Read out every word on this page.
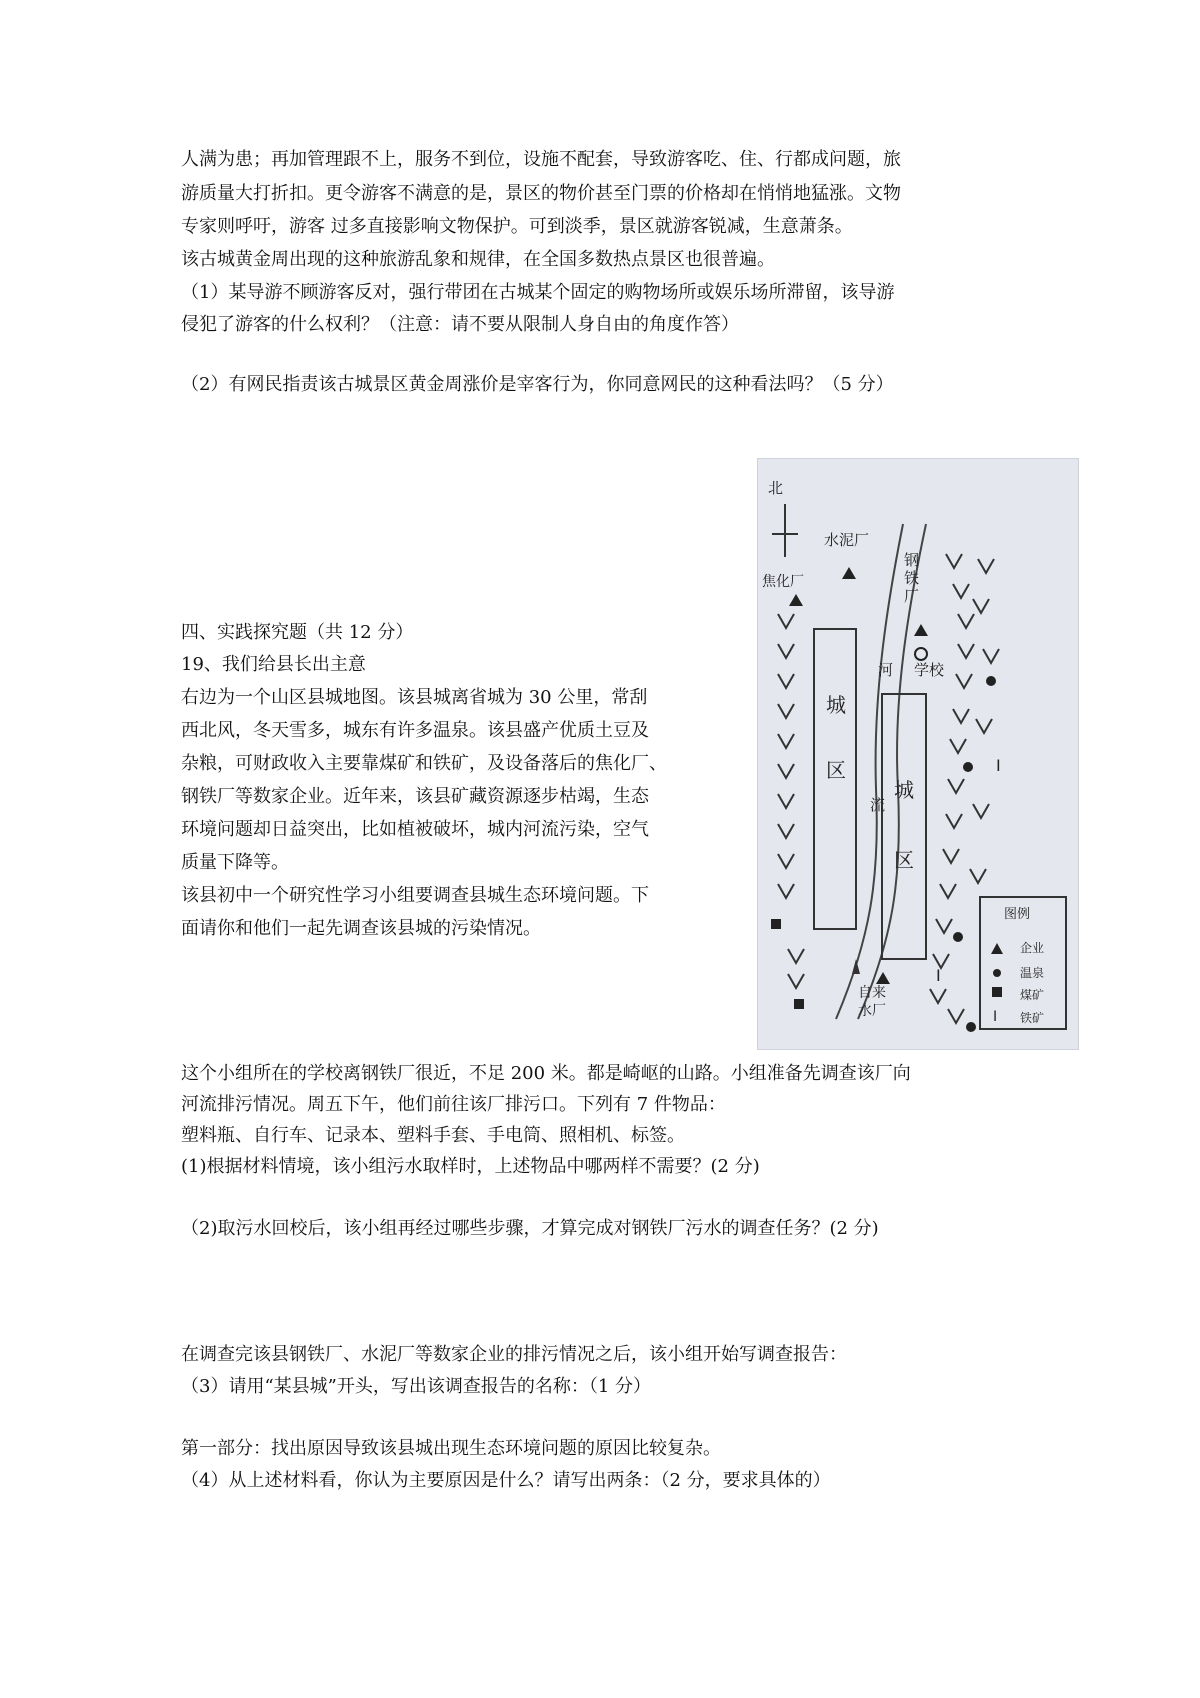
人满为患；再加管理跟不上，服务不到位，设施不配套，导致游客吃、住、行都成问题，旅
游质量大打折扣。更令游客不满意的是，景区的物价甚至门票的价格却在悄悄地猛涨。文物
专家则呼吁，游客 过多直接影响文物保护。可到淡季，景区就游客锐减，生意萧条。
该古城黄金周出现的这种旅游乱象和规律，在全国多数热点景区也很普遍。
（1）某导游不顾游客反对，强行带团在古城某个固定的购物场所或娱乐场所滞留，该导游
侵犯了游客的什么权利？（注意：请不要从限制人身自由的角度作答）
（2）有网民指责该古城景区黄金周涨价是宰客行为，你同意网民的这种看法吗？（5 分）
四、实践探究题（共 12 分）
19、我们给县长出主意
右边为一个山区县城地图。该县城离省城为 30 公里，常刮
西北风，冬天雪多，城东有许多温泉。该县盛产优质土豆及
杂粮，可财政收入主要靠煤矿和铁矿，及设备落后的焦化厂、
钢铁厂等数家企业。近年来，该县矿藏资源逐步枯竭，生态
环境问题却日益突出，比如植被破坏，城内河流污染，空气
质量下降等。
该县初中一个研究性学习小组要调查县城生态环境问题。下
面请你和他们一起先调查该县城的污染情况。
I
I
I
北
水泥厂
焦化厂
钢铁厂
学校
城
区
城
区
河
流
自来水厂
图例
企业
温泉
煤矿
铁矿
这个小组所在的学校离钢铁厂很近，不足 200 米。都是崎岖的山路。小组准备先调查该厂向
河流排污情况。周五下午，他们前往该厂排污口。下列有 7 件物品：
塑料瓶、自行车、记录本、塑料手套、手电筒、照相机、标签。
(1)根据材料情境，该小组污水取样时，上述物品中哪两样不需要？(2 分)
（2)取污水回校后，该小组再经过哪些步骤，才算完成对钢铁厂污水的调查任务？(2 分)
在调查完该县钢铁厂、水泥厂等数家企业的排污情况之后，该小组开始写调查报告：
（3）请用“某县城”开头，写出该调查报告的名称：（1 分）
第一部分：找出原因导致该县城出现生态环境问题的原因比较复杂。
（4）从上述材料看，你认为主要原因是什么？请写出两条：（2 分，要求具体的）
